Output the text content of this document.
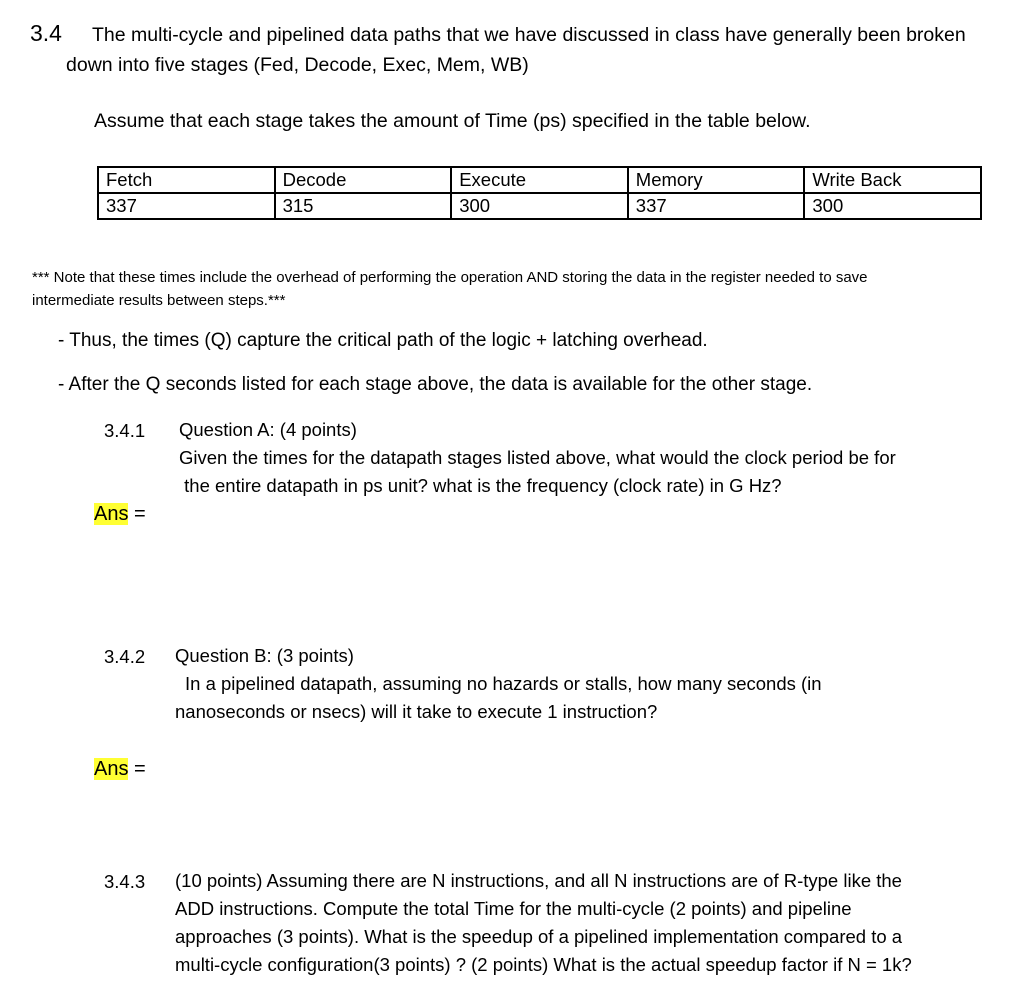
3.4 The multi-cycle and pipelined data paths that we have discussed in class have generally been broken
down into five stages (Fed, Decode, Exec, Mem, WB)
Assume that each stage takes the amount of Time (ps) specified in the table below.
Fetch	Decode	Execute	Memory	Write Back
337	315	300	337	300
*** Note that these times include the overhead of performing the operation AND storing the data in the register needed to save
intermediate results between steps.***
- Thus, the times (Q) capture the critical path of the logic + latching overhead.
- After the Q seconds listed for each stage above, the data is available for the other stage.
3.4.1 Question A: (4 points)
Given the times for the datapath stages listed above, what would the clock period be for
the entire datapath in ps unit? what is the frequency (clock rate) in G Hz?
Ans =
3.4.2 Question B: (3 points)
In a pipelined datapath, assuming no hazards or stalls, how many seconds (in
nanoseconds or nsecs) will it take to execute 1 instruction?
Ans =
3.4.3 (10 points) Assuming there are N instructions, and all N instructions are of R-type like the
ADD instructions. Compute the total Time for the multi-cycle (2 points) and pipeline
approaches (3 points). What is the speedup of a pipelined implementation compared to a
multi-cycle configuration(3 points) ? (2 points) What is the actual speedup factor if N = 1k?
